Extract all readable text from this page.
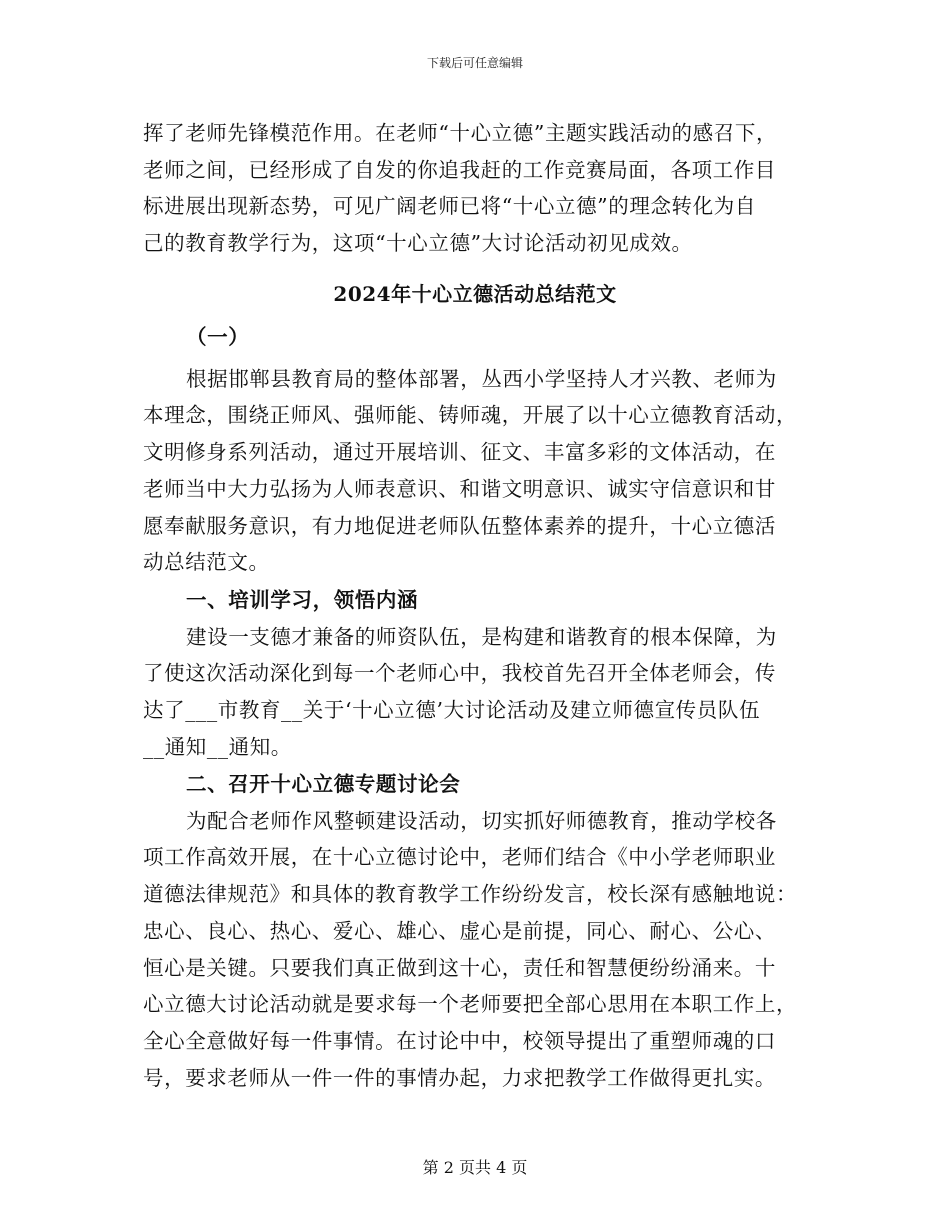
下载后可任意编辑
挥了老师先锋模范作用。在老师“十心立德”主题实践活动的感召下，
老师之间，已经形成了自发的你追我赶的工作竞赛局面，各项工作目
标进展出现新态势，可见广阔老师已将“十心立德”的理念转化为自
己的教育教学行为，这项“十心立德”大讨论活动初见成效。
2024年十心立德活动总结范文
（一）
根据邯郸县教育局的整体部署，丛西小学坚持人才兴教、老师为
本理念，围绕正师风、强师能、铸师魂，开展了以十心立德教育活动，
文明修身系列活动，通过开展培训、征文、丰富多彩的文体活动，在
老师当中大力弘扬为人师表意识、和谐文明意识、诚实守信意识和甘
愿奉献服务意识，有力地促进老师队伍整体素养的提升，十心立德活
动总结范文。
一、培训学习，领悟内涵
建设一支德才兼备的师资队伍，是构建和谐教育的根本保障，为
了使这次活动深化到每一个老师心中，我校首先召开全体老师会，传
达了___市教育__关于‘十心立德’大讨论活动及建立师德宣传员队伍
__通知__通知。
二、召开十心立德专题讨论会
为配合老师作风整顿建设活动，切实抓好师德教育，推动学校各
项工作高效开展，在十心立德讨论中，老师们结合《中小学老师职业
道德法律规范》和具体的教育教学工作纷纷发言，校长深有感触地说：
忠心、良心、热心、爱心、雄心、虚心是前提，同心、耐心、公心、
恒心是关键。只要我们真正做到这十心，责任和智慧便纷纷涌来。十
心立德大讨论活动就是要求每一个老师要把全部心思用在本职工作上，
全心全意做好每一件事情。在讨论中中，校领导提出了重塑师魂的口
号，要求老师从一件一件的事情办起，力求把教学工作做得更扎实。
第 2 页共 4 页
